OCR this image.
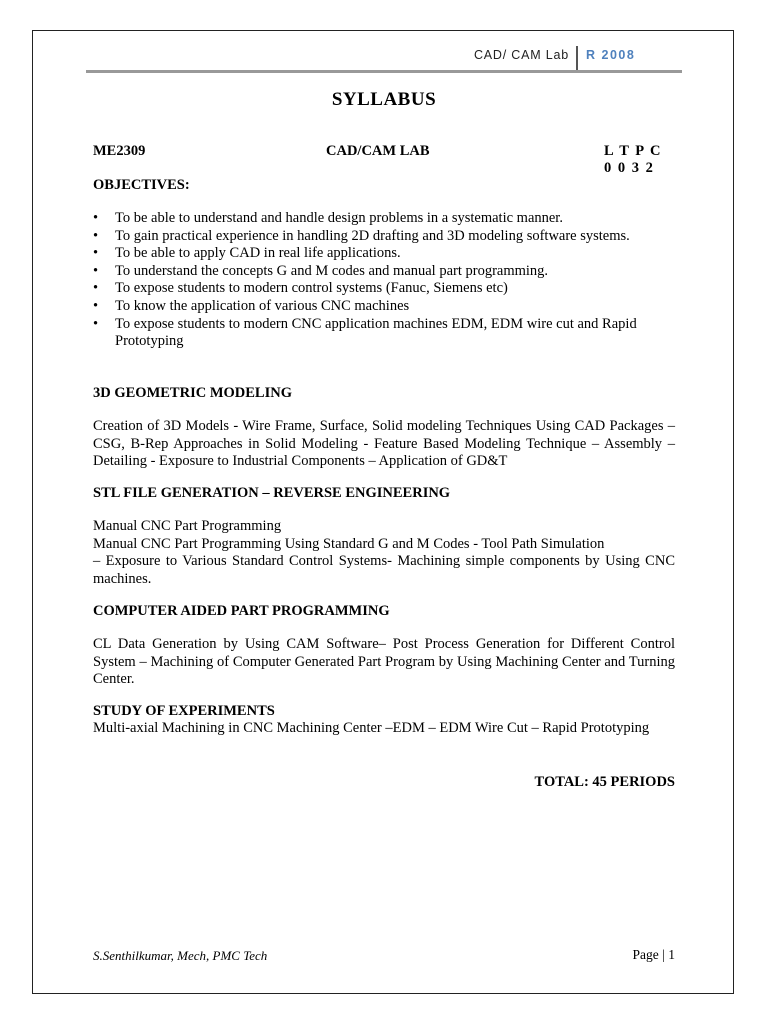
CAD/ CAM Lab R 2008
SYLLABUS
ME2309	CAD/CAM LAB	L T P C
0 0 3 2
OBJECTIVES:
• To be able to understand and handle design problems in a systematic manner.
• To gain practical experience in handling 2D drafting and 3D modeling software systems.
• To be able to apply CAD in real life applications.
• To understand the concepts G and M codes and manual part programming.
• To expose students to modern control systems (Fanuc, Siemens etc)
• To know the application of various CNC machines
• To expose students to modern CNC application machines EDM, EDM wire cut and Rapid Prototyping
3D GEOMETRIC MODELING
Creation of 3D Models - Wire Frame, Surface, Solid modeling Techniques Using CAD Packages – CSG, B-Rep Approaches in Solid Modeling - Feature Based Modeling Technique – Assembly – Detailing - Exposure to Industrial Components – Application of GD&T
STL FILE GENERATION – REVERSE ENGINEERING
Manual CNC Part Programming
Manual CNC Part Programming Using Standard G and M Codes - Tool Path Simulation
– Exposure to Various Standard Control Systems- Machining simple components by Using CNC machines.
COMPUTER AIDED PART PROGRAMMING
CL Data Generation by Using CAM Software– Post Process Generation for Different Control System – Machining of Computer Generated Part Program by Using Machining Center and Turning Center.
STUDY OF EXPERIMENTS
Multi-axial Machining in CNC Machining Center –EDM – EDM Wire Cut – Rapid Prototyping
TOTAL: 45 PERIODS
S.Senthilkumar, Mech, PMC Tech	Page | 1
